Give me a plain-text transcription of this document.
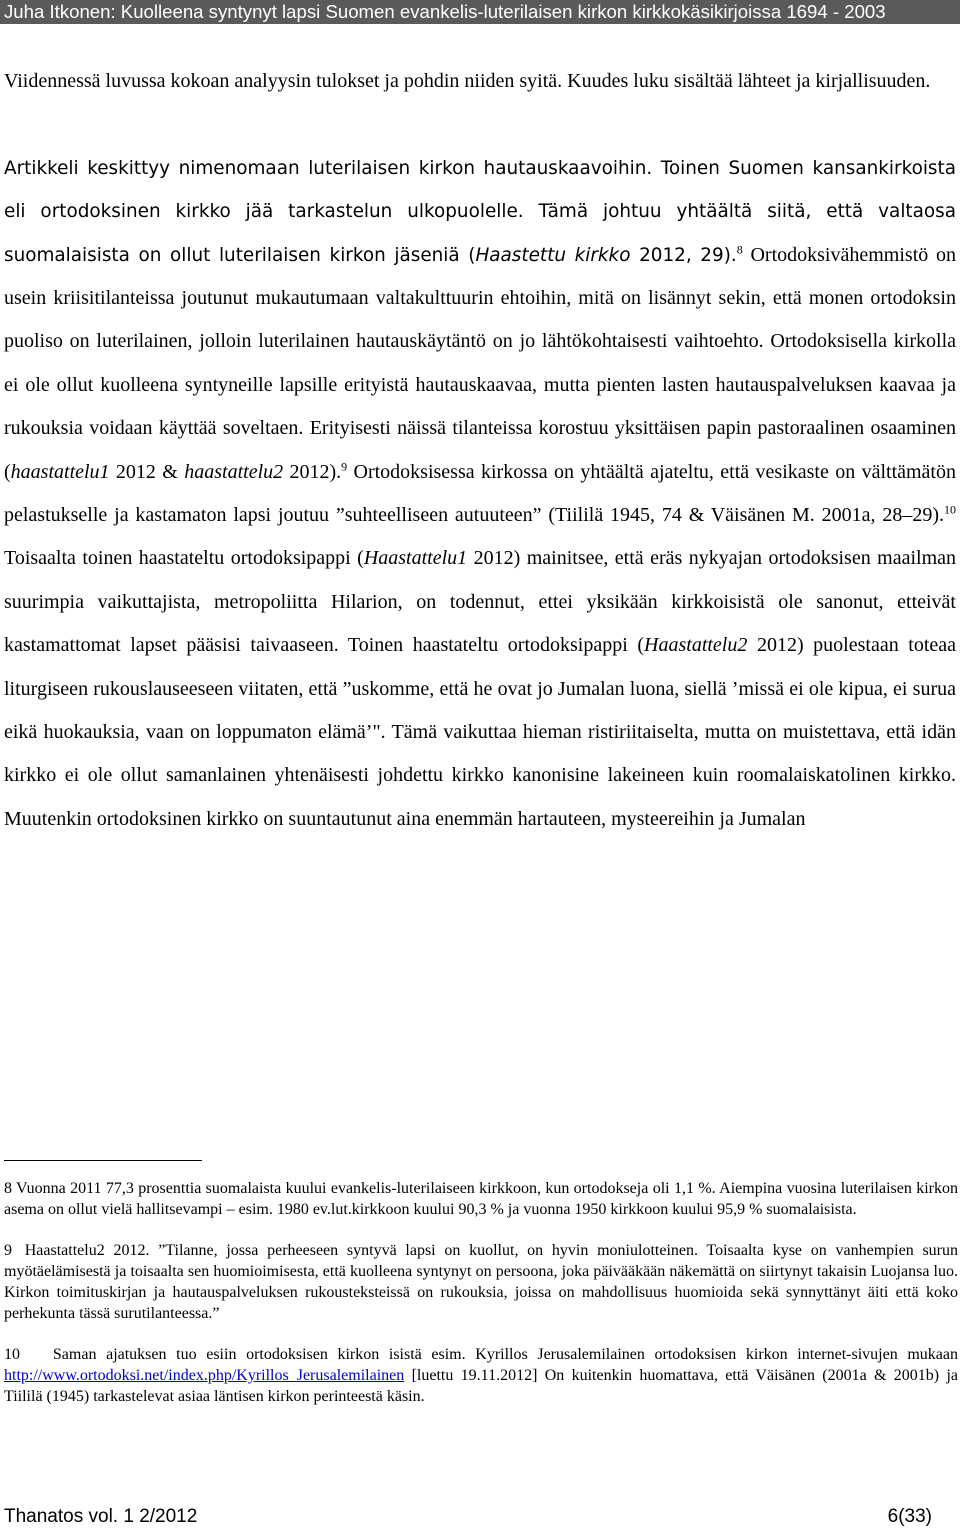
Juha Itkonen: Kuolleena syntynyt lapsi Suomen evankelis-luterilaisen kirkon kirkkokäsikirjoissa 1694 - 2003

Viidennessä luvussa kokoan analyysin tulokset ja pohdin niiden syitä. Kuudes luku sisältää lähteet ja kirjallisuuden.

Artikkeli keskittyy nimenomaan luterilaisen kirkon hautauskaavoihin. Toinen Suomen kansankirkoista eli ortodoksinen kirkko jää tarkastelun ulkopuolelle. Tämä johtuu yhtäältä siitä, että valtaosa suomalaisista on ollut luterilaisen kirkon jäseniä (Haastettu kirkko 2012, 29).$^8$ Ortodoksivähemmistö on usein kriisitilanteissa joutunut mukautumaan valtakulttuurin ehtoihin, mitä on lisännyt sekin, että monen ortodoksin puoliso on luterilainen, jolloin luterilainen hautauskäytäntö on jo lähtökohtaisesti vaihtoehto. Ortodoksisella kirkolla ei ole ollut kuolleena syntyneille lapsille erityistä hautauskaavaa, mutta pienten lasten hautauspalveluksen kaavaa ja rukouksia voidaan käyttää soveltaen. Erityisesti näissä tilanteissa korostuu yksittäisen papin pastoraalinen osaaminen (haastattelu1 2012 & haastattelu2 2012).$^9$ Ortodoksisessa kirkossa on yhtäältä ajateltu, että vesikaste on välttämätön pelastukselle ja kastamaton lapsi joutuu ”suhteelliseen autuuteen” (Tiililä 1945, 74 & Väisänen M. 2001a, 28–29).$^{10}$ Toisaalta toinen haastateltu ortodoksipappi (Haastattelu1 2012) mainitsee, että eräs nykyajan ortodoksisen maailman suurimpia vaikuttajista, metropoliitta Hilarion, on todennut, ettei yksikään kirkkoisistä ole sanonut, etteivät kastamattomat lapset pääsisi taivaaseen. Toinen haastateltu ortodoksipappi (Haastattelu2 2012) puolestaan toteaa liturgiseen rukouslauseeseen viitaten, että ”uskomme, että he ovat jo Jumalan luona, siellä ’missä ei ole kipua, ei surua eikä huokauksia, vaan on loppumaton elämä’". Tämä vaikuttaa hieman ristiriitaiselta, mutta on muistettava, että idän kirkko ei ole ollut samanlainen yhtenäisesti johdettu kirkko kanonisine lakeineen kuin roomalaiskatolinen kirkko. Muutenkin ortodoksinen kirkko on suuntautunut aina enemmän hartauteen, mysteereihin ja Jumalan

8 Vuonna 2011 77,3 prosenttia suomalaista kuului evankelis-luterilaiseen kirkkoon, kun ortodokseja oli 1,1 %. Aiempina vuosina luterilaisen kirkon asema on ollut vielä hallitsevampi – esim. 1980 ev.lut.kirkkoon kuului 90,3 % ja vuonna 1950 kirkkoon kuului 95,9 % suomalaisista.

9 Haastattelu2 2012. ”Tilanne, jossa perheeseen syntyvä lapsi on kuollut, on hyvin moniulotteinen. Toisaalta kyse on vanhempien surun myötäelämisestä ja toisaalta sen huomioimisesta, että kuolleena syntynyt on persoona, joka päivääkään näkemättä on siirtynyt takaisin Luojansa luo. Kirkon toimituskirjan ja hautauspalveluksen rukousteksteissä on rukouksia, joissa on mahdollisuus huomioida sekä synnyttänyt äiti että koko perhekunta tässä surutilanteessa.”

10 Saman ajatuksen tuo esiin ortodoksisen kirkon isistä esim. Kyrillos Jerusalemilainen ortodoksisen kirkon internet-sivujen mukaan http://www.ortodoksi.net/index.php/Kyrillos_Jerusalemilainen [luettu 19.11.2012] On kuitenkin huomattava, että Väisänen (2001a & 2001b) ja Tiililä (1945) tarkastelevat asiaa läntisen kirkon perinteestä käsin.

Thanatos vol. 1 2/2012	6(33)
